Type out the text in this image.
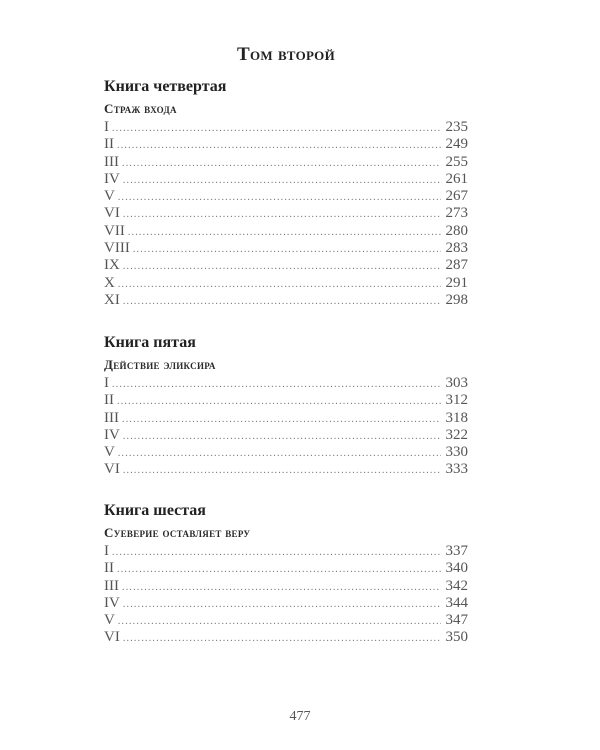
Том второй
Книга четвертая
Страж входа
I .....	235
II .....	249
III .....	255
IV .....	261
V .....	267
VI .....	273
VII .....	280
VIII .....	283
IX .....	287
X .....	291
XI .....	298
Книга пятая
Действие эликсира
I .....	303
II .....	312
III .....	318
IV .....	322
V .....	330
VI .....	333
Книга шестая
Суеверие оставляет веру
I .....	337
II .....	340
III .....	342
IV .....	344
V .....	347
VI .....	350
477
